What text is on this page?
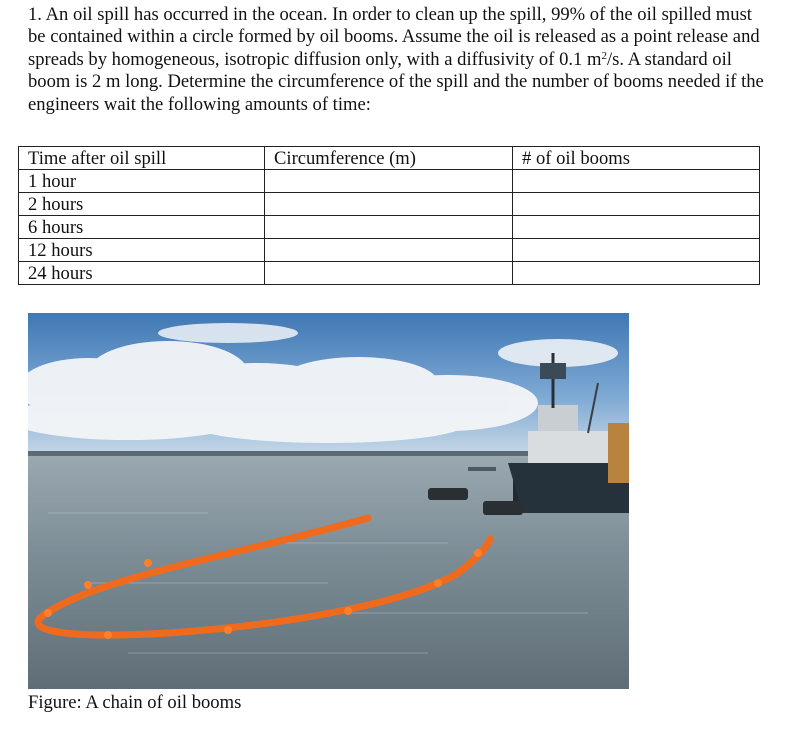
1. An oil spill has occurred in the ocean. In order to clean up the spill, 99% of the oil spilled must be contained within a circle formed by oil booms. Assume the oil is released as a point release and spreads by homogeneous, isotropic diffusion only, with a diffusivity of 0.1 $m^2/s$. A standard oil boom is 2 m long. Determine the circumference of the spill and the number of booms needed if the engineers wait the following amounts of time:

Time after oil spill	Circumference (m)	# of oil booms
1 hour		
2 hours		
6 hours		
12 hours		
24 hours		

Figure: A chain of oil booms
